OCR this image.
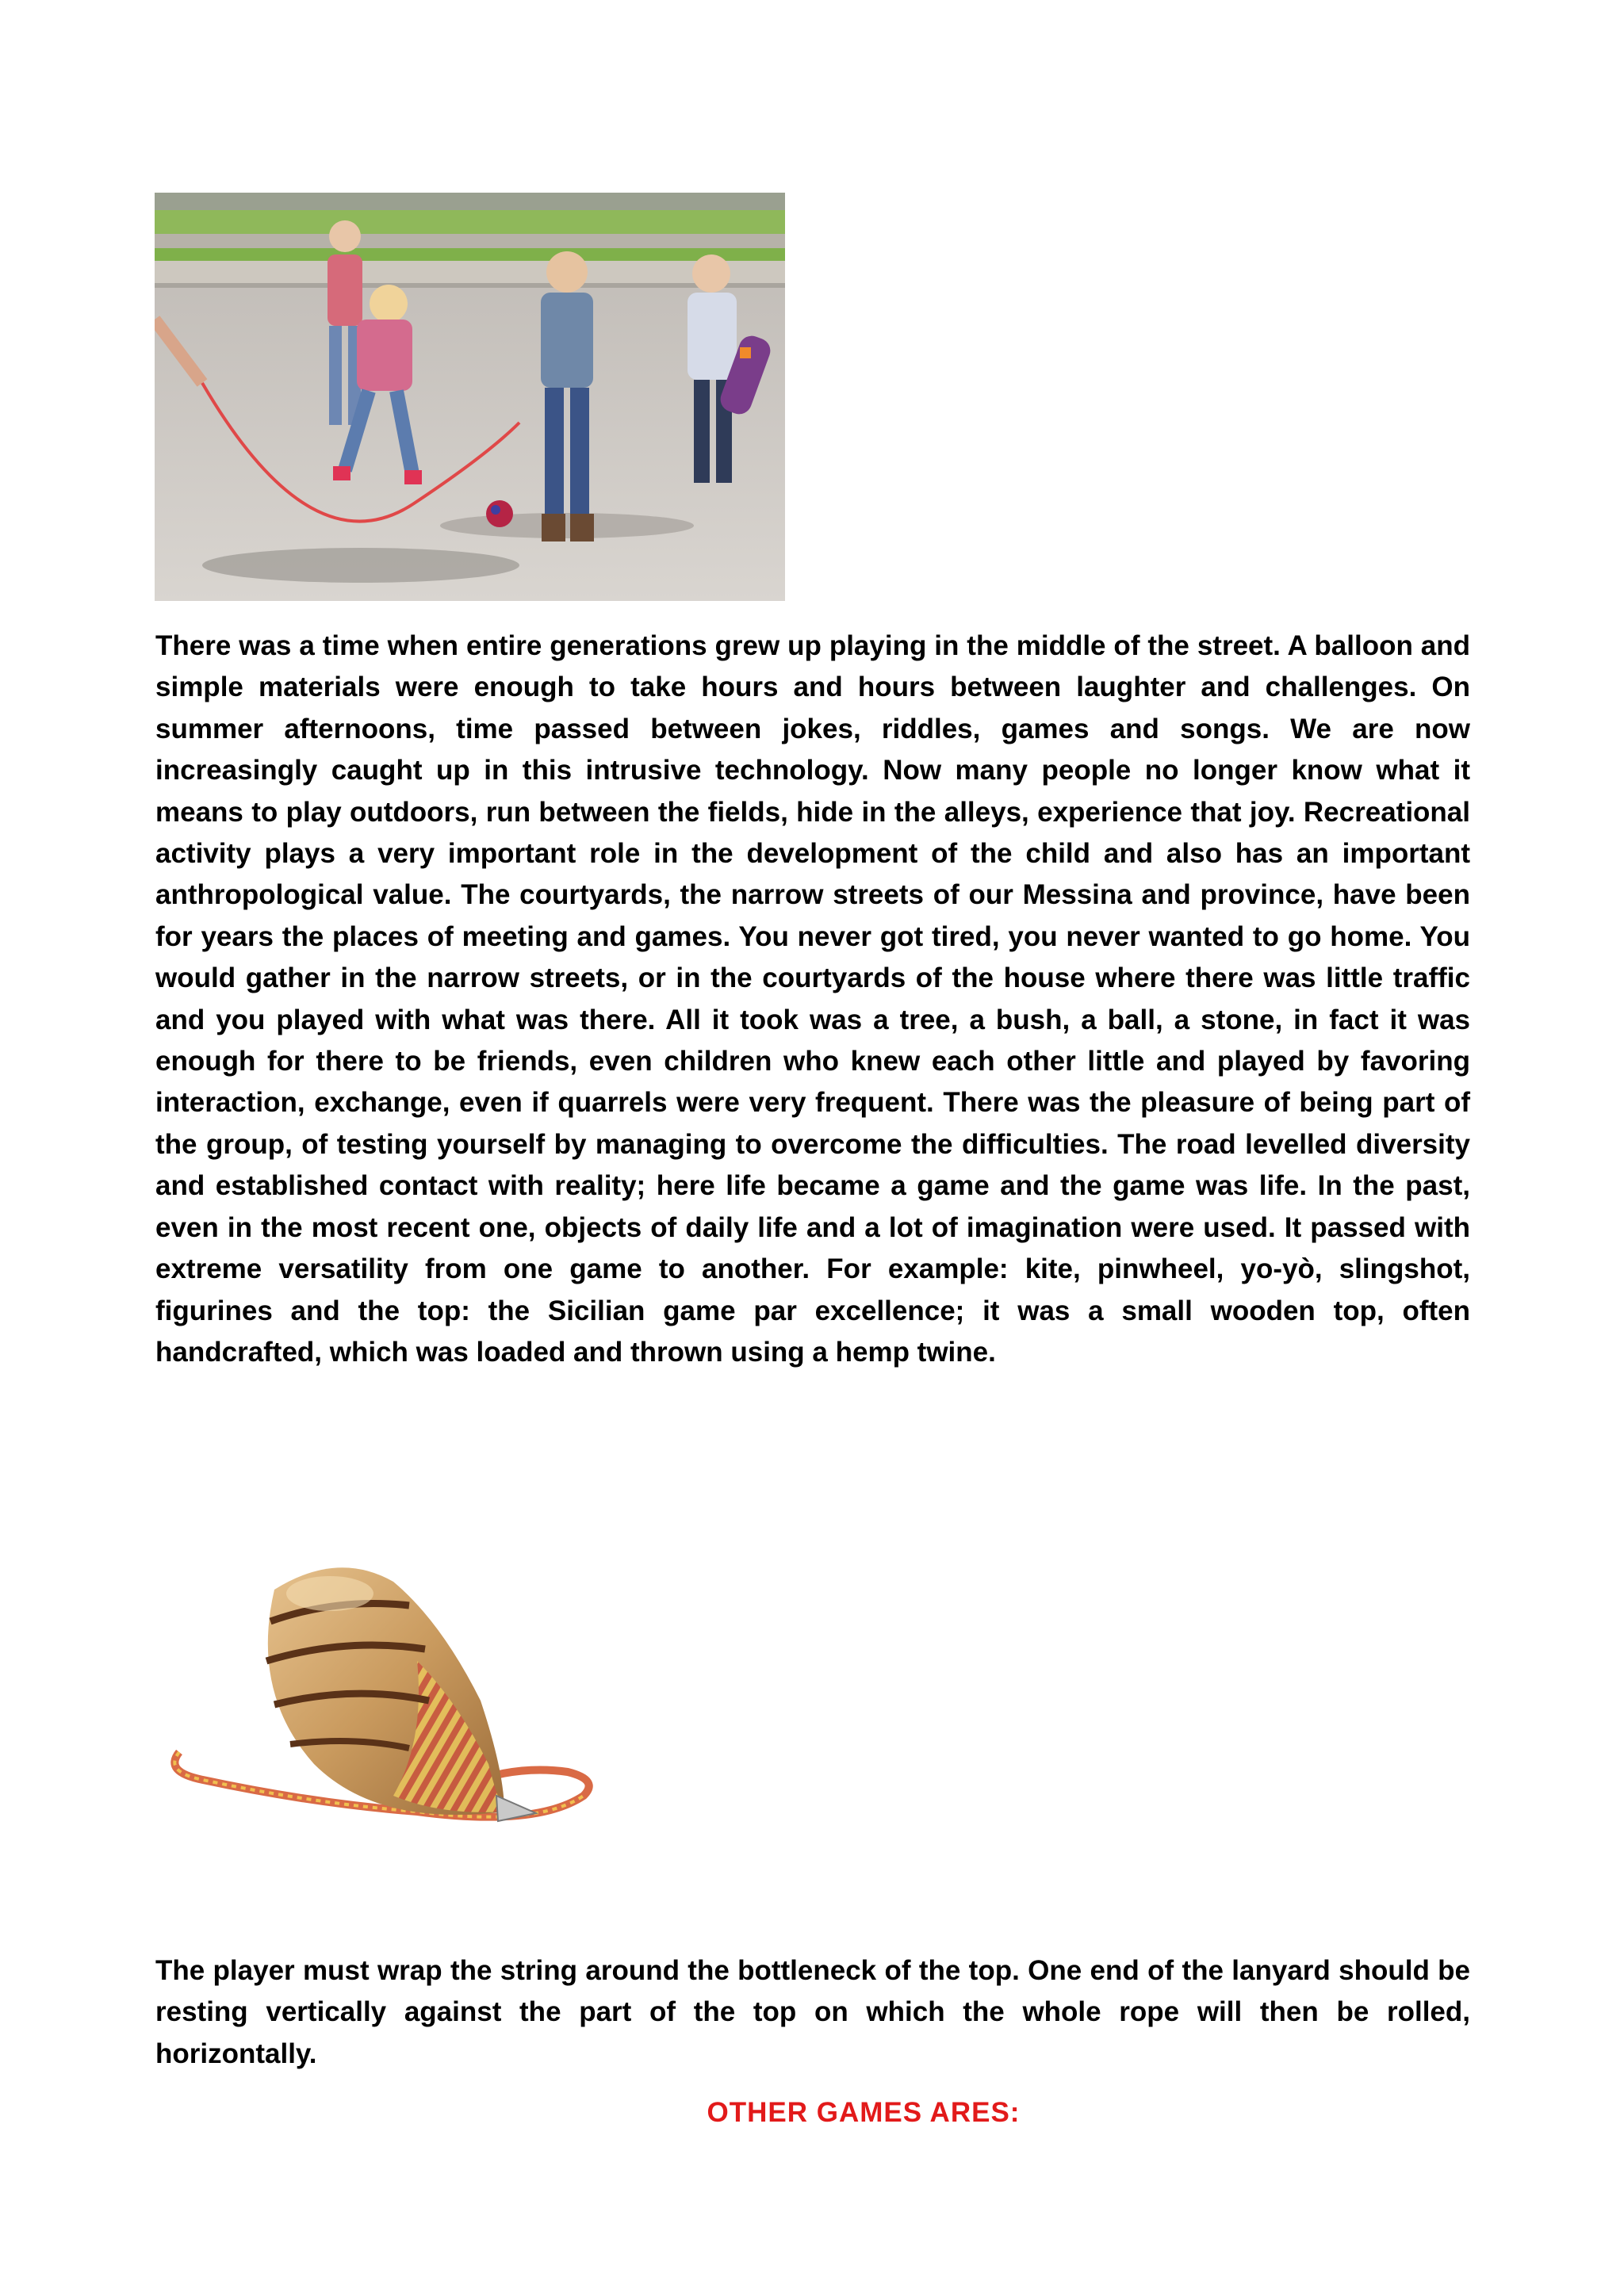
There was a time when entire generations grew up playing in the middle of the street. A balloon and simple materials were enough to take hours and hours between laughter and challenges. On summer afternoons, time passed between jokes, riddles, games and songs. We are now increasingly caught up in this intrusive technology. Now many people no longer know what it means to play outdoors, run between the fields, hide in the alleys, experience that joy. Recreational activity plays a very important role in the development of the child and also has an important anthropological value. The courtyards, the narrow streets of our Messina and province, have been for years the places of meeting and games. You never got tired, you never wanted to go home. You would gather in the narrow streets, or in the courtyards of the house where there was little traffic and you played with what was there. All it took was a tree, a bush, a ball, a stone, in fact it was enough for there to be friends, even children who knew each other little and played by favoring interaction, exchange, even if quarrels were very frequent. There was the pleasure of being part of the group, of testing yourself by managing to overcome the difficulties. The road levelled diversity and established contact with reality; here life became a game and the game was life. In the past, even in the most recent one, objects of daily life and a lot of imagination were used. It passed with extreme versatility from one game to another. For example: kite, pinwheel, yo-yò, slingshot, figurines and the top: the Sicilian game par excellence; it was a small wooden top, often handcrafted, which was loaded and thrown using a hemp twine.

The player must wrap the string around the bottleneck of the top. One end of the lanyard should be resting vertically against the part of the top on which the whole rope will then be rolled, horizontally.

OTHER GAMES ARES:
